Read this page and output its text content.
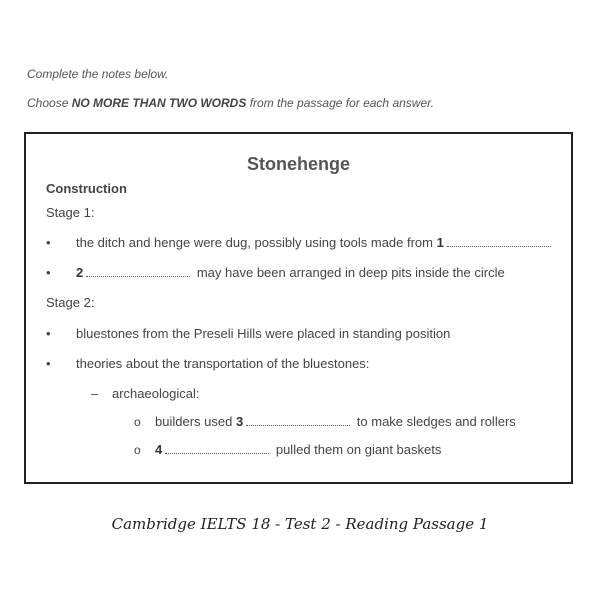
Complete the notes below.
Choose NO MORE THAN TWO WORDS from the passage for each answer.
Stonehenge
Construction
Stage 1:
• the ditch and henge were dug, possibly using tools made from 1
• 2	may have been arranged in deep pits inside the circle
Stage 2:
• bluestones from the Preseli Hills were placed in standing position
• theories about the transportation of the bluestones:
– archaeological:
o builders used 3	to make sledges and rollers
o 4	pulled them on giant baskets
Cambridge IELTS 18 - Test 2 - Reading Passage 1
